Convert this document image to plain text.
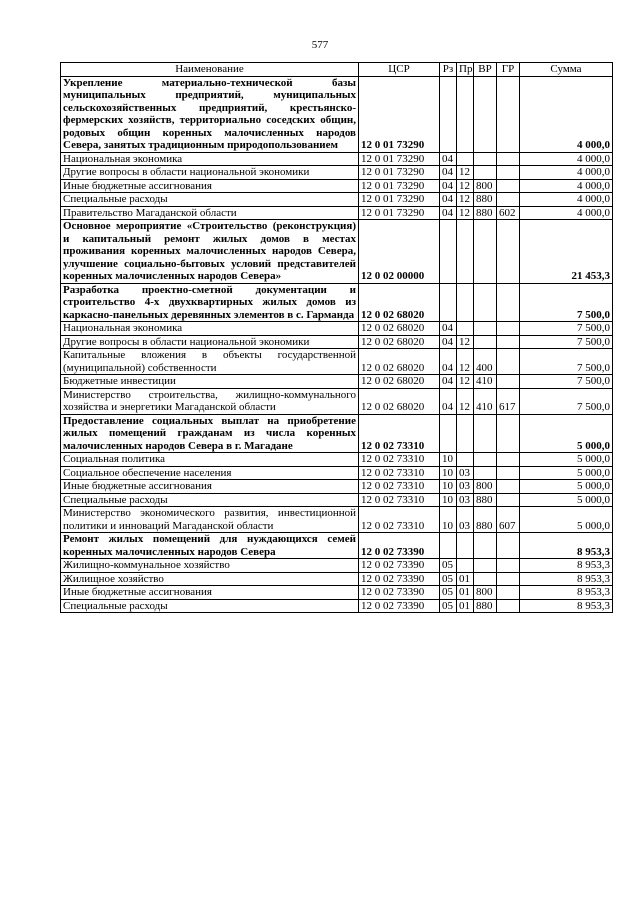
577
Наименование	ЦСР	Рз	Пр	ВР	ГР	Сумма
Укрепление материально-технической базы муниципальных предприятий, муниципальных сельскохозяйственных предприятий, крестьянско-фермерских хозяйств, территориально соседских общин, родовых общин коренных малочисленных народов Севера, занятых традиционным природопользованием	12 0 01 73290					4 000,0
Национальная экономика	12 0 01 73290	04				4 000,0
Другие вопросы в области национальной экономики	12 0 01 73290	04	12			4 000,0
Иные бюджетные ассигнования	12 0 01 73290	04	12	800		4 000,0
Специальные расходы	12 0 01 73290	04	12	880		4 000,0
Правительство Магаданской области	12 0 01 73290	04	12	880	602	4 000,0
Основное мероприятие «Строительство (реконструкция) и капитальный ремонт жилых домов в местах проживания коренных малочисленных народов Севера, улучшение социально-бытовых условий представителей коренных малочисленных народов Севера»	12 0 02 00000					21 453,3
Разработка проектно-сметной документации и строительство 4-х двухквартирных жилых домов из каркасно-панельных деревянных элементов в с. Гарманда	12 0 02 68020					7 500,0
Национальная экономика	12 0 02 68020	04				7 500,0
Другие вопросы в области национальной экономики	12 0 02 68020	04	12			7 500,0
Капитальные вложения в объекты государственной (муниципальной) собственности	12 0 02 68020	04	12	400		7 500,0
Бюджетные инвестиции	12 0 02 68020	04	12	410		7 500,0
Министерство строительства, жилищно-коммунального хозяйства и энергетики Магаданской области	12 0 02 68020	04	12	410	617	7 500,0
Предоставление социальных выплат на приобретение жилых помещений гражданам из числа коренных малочисленных народов Севера в г. Магадане	12 0 02 73310					5 000,0
Социальная политика	12 0 02 73310	10				5 000,0
Социальное обеспечение населения	12 0 02 73310	10	03			5 000,0
Иные бюджетные ассигнования	12 0 02 73310	10	03	800		5 000,0
Специальные расходы	12 0 02 73310	10	03	880		5 000,0
Министерство экономического развития, инвестиционной политики и инноваций Магаданской области	12 0 02 73310	10	03	880	607	5 000,0
Ремонт жилых помещений для нуждающихся семей коренных малочисленных народов Севера	12 0 02 73390					8 953,3
Жилищно-коммунальное хозяйство	12 0 02 73390	05				8 953,3
Жилищное хозяйство	12 0 02 73390	05	01			8 953,3
Иные бюджетные ассигнования	12 0 02 73390	05	01	800		8 953,3
Специальные расходы	12 0 02 73390	05	01	880		8 953,3
